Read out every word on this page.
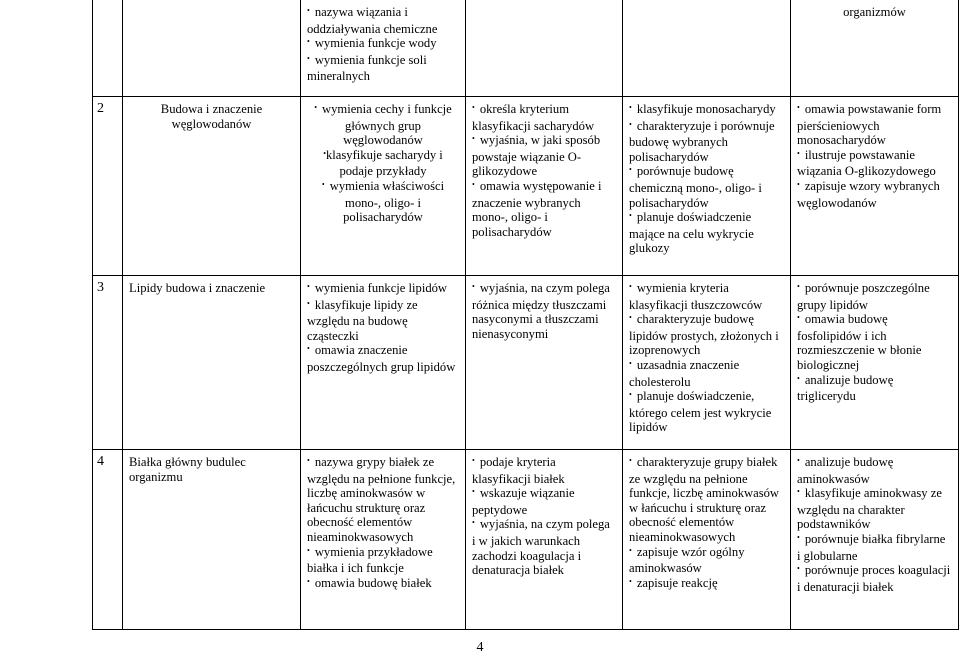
		• nazywa wiązania i oddziaływania chemiczne
• wymienia funkcje wody
• wymienia funkcje soli mineralnych			organizmów

2	Budowa i znaczenie
węglowodanów	• wymienia cechy i funkcje głównych grup węglowodanów
• klasyfikuje sacharydy i podaje przykłady
• wymienia właściwości mono-, oligo- i polisacharydów	• określa kryterium klasyfikacji sacharydów
• wyjaśnia, w jaki sposób powstaje wiązanie O-glikozydowe
• omawia występowanie i znaczenie wybranych mono-, oligo- i polisacharydów	• klasyfikuje monosacharydy
• charakteryzuje i porównuje budowę wybranych polisacharydów
• porównuje budowę chemiczną mono-, oligo- i polisacharydów
• planuje doświadczenie mające na celu wykrycie glukozy	• omawia powstawanie form pierścieniowych monosacharydów
• ilustruje powstawanie wiązania O-glikozydowego
• zapisuje wzory wybranych węglowodanów

3	Lipidy budowa i znaczenie	• wymienia funkcje lipidów
• klasyfikuje lipidy ze względu na budowę cząsteczki
• omawia znaczenie poszczególnych grup lipidów	• wyjaśnia, na czym polega różnica między tłuszczami nasyconymi a tłuszczami nienasyconymi	• wymienia kryteria klasyfikacji tłuszczowców
• charakteryzuje budowę lipidów prostych, złożonych i izoprenowych
• uzasadnia znaczenie cholesterolu
• planuje doświadczenie, którego celem jest wykrycie lipidów	• porównuje poszczególne grupy lipidów
• omawia budowę fosfolipidów i ich rozmieszczenie w błonie biologicznej
• analizuje budowę triglicerydu

4	Białka główny budulec
organizmu	• nazywa grypy białek ze względu na pełnione funkcje, liczbę aminokwasów w łańcuchu strukturę oraz obecność elementów nieaminokwasowych
• wymienia przykładowe białka i ich funkcje
• omawia budowę białek	• podaje kryteria klasyfikacji białek
• wskazuje wiązanie peptydowe
• wyjaśnia, na czym polega i w jakich warunkach zachodzi koagulacja i denaturacja białek	• charakteryzuje grupy białek ze względu na pełnione funkcje, liczbę aminokwasów w łańcuchu i strukturę oraz obecność elementów nieaminokwasowych
• zapisuje wzór ogólny aminokwasów
• zapisuje reakcję	• analizuje budowę aminokwasów
• klasyfikuje aminokwasy ze względu na charakter podstawników
• porównuje białka fibrylarne i globularne
• porównuje proces koagulacji i denaturacji białek
4
